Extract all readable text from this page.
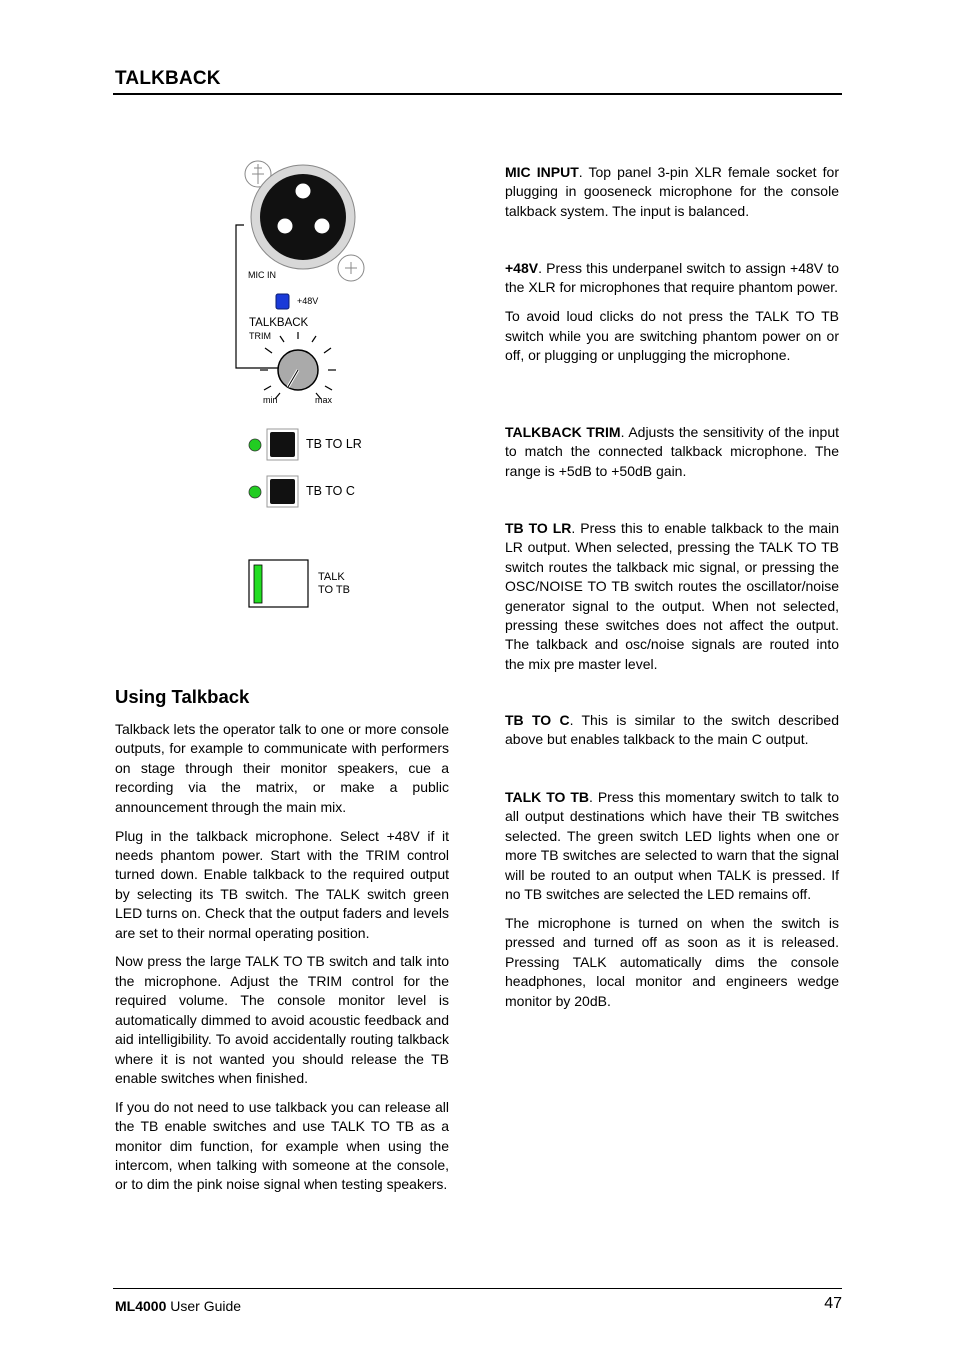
TALKBACK
MIC IN
+48V
TALKBACK
TRIM
min	max
TB TO LR
TB TO C
TALK
TO TB
Using Talkback

Talkback lets the operator talk to one or more console outputs, for example to communicate with performers on stage through their monitor speakers, cue a recording via the matrix, or make a public announcement through the main mix.

Plug in the talkback microphone. Select +48V if it needs phantom power. Start with the TRIM control turned down. Enable talkback to the required output by selecting its TB switch. The TALK switch green LED turns on. Check that the output faders and levels are set to their normal operating position.

Now press the large TALK TO TB switch and talk into the microphone. Adjust the TRIM control for the required volume. The console monitor level is automatically dimmed to avoid acoustic feedback and aid intelligibility. To avoid accidentally routing talkback where it is not wanted you should release the TB enable switches when finished.

If you do not need to use talkback you can release all the TB enable switches and use TALK TO TB as a monitor dim function, for example when using the intercom, when talking with someone at the console, or to dim the pink noise signal when testing speakers.

MIC INPUT. Top panel 3-pin XLR female socket for plugging in gooseneck microphone for the console talkback system. The input is balanced.

+48V. Press this underpanel switch to assign +48V to the XLR for microphones that require phantom power.

To avoid loud clicks do not press the TALK TO TB switch while you are switching phantom power on or off, or plugging or unplugging the microphone.

TALKBACK TRIM. Adjusts the sensitivity of the input to match the connected talkback microphone. The range is +5dB to +50dB gain.

TB TO LR. Press this to enable talkback to the main LR output. When selected, pressing the TALK TO TB switch routes the talkback mic signal, or pressing the OSC/NOISE TO TB switch routes the oscillator/noise generator signal to the output. When not selected, pressing these switches does not affect the output. The talkback and osc/noise signals are routed into the mix pre master level.

TB TO C. This is similar to the switch described above but enables talkback to the main C output.

TALK TO TB. Press this momentary switch to talk to all output destinations which have their TB switches selected. The green switch LED lights when one or more TB switches are selected to warn that the signal will be routed to an output when TALK is pressed. If no TB switches are selected the LED remains off.

The microphone is turned on when the switch is pressed and turned off as soon as it is released. Pressing TALK automatically dims the console headphones, local monitor and engineers wedge monitor by 20dB.

ML4000 User Guide	47
